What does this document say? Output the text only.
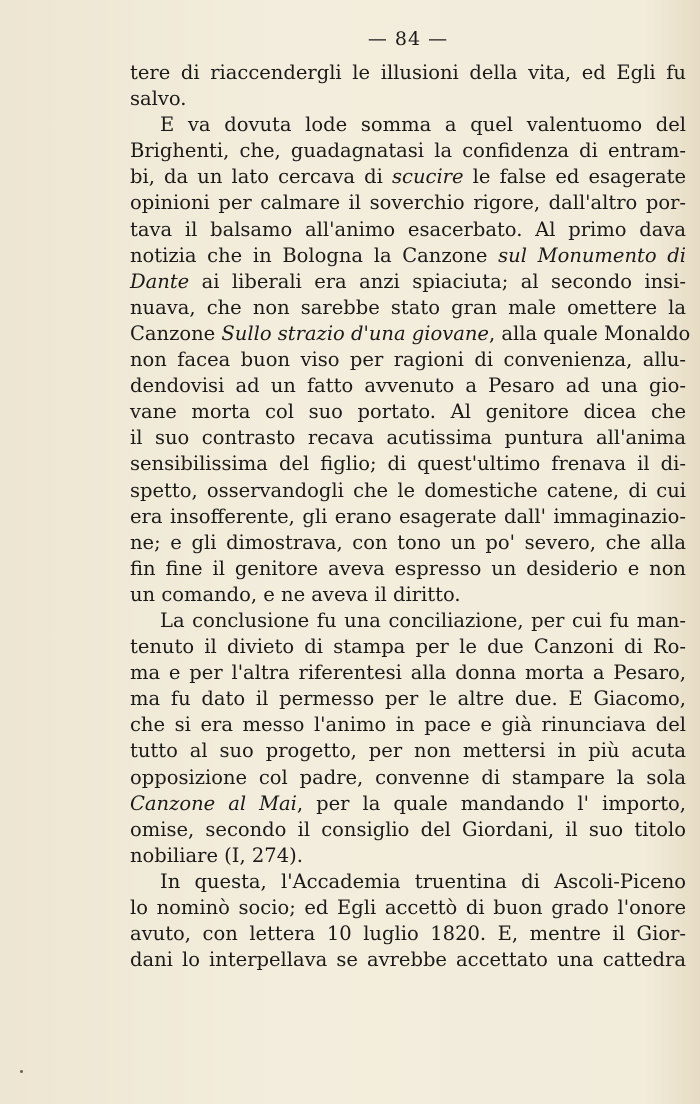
— 84 —
tere di riaccendergli le illusioni della vita, ed Egli fu
salvo.
E va dovuta lode somma a quel valentuomo del
Brighenti, che, guadagnatasi la confidenza di entram-
bi, da un lato cercava di scucire le false ed esagerate
opinioni per calmare il soverchio rigore, dall'altro por-
tava il balsamo all'animo esacerbato. Al primo dava
notizia che in Bologna la Canzone sul Monumento di
Dante ai liberali era anzi spiaciuta; al secondo insi-
nuava, che non sarebbe stato gran male omettere la
Canzone Sullo strazio d'una giovane, alla quale Monaldo
non facea buon viso per ragioni di convenienza, allu-
dendovisi ad un fatto avvenuto a Pesaro ad una gio-
vane morta col suo portato. Al genitore dicea che
il suo contrasto recava acutissima puntura all'anima
sensibilissima del figlio; di quest'ultimo frenava il di-
spetto, osservandogli che le domestiche catene, di cui
era insofferente, gli erano esagerate dall' immaginazio-
ne; e gli dimostrava, con tono un po' severo, che alla
fin fine il genitore aveva espresso un desiderio e non
un comando, e ne aveva il diritto.
La conclusione fu una conciliazione, per cui fu man-
tenuto il divieto di stampa per le due Canzoni di Ro-
ma e per l'altra riferentesi alla donna morta a Pesaro,
ma fu dato il permesso per le altre due. E Giacomo,
che si era messo l'animo in pace e già rinunciava del
tutto al suo progetto, per non mettersi in più acuta
opposizione col padre, convenne di stampare la sola
Canzone al Mai, per la quale mandando l' importo,
omise, secondo il consiglio del Giordani, il suo titolo
nobiliare (I, 274).
In questa, l'Accademia truentina di Ascoli-Piceno
lo nominò socio; ed Egli accettò di buon grado l'onore
avuto, con lettera 10 luglio 1820. E, mentre il Gior-
dani lo interpellava se avrebbe accettato una cattedra
